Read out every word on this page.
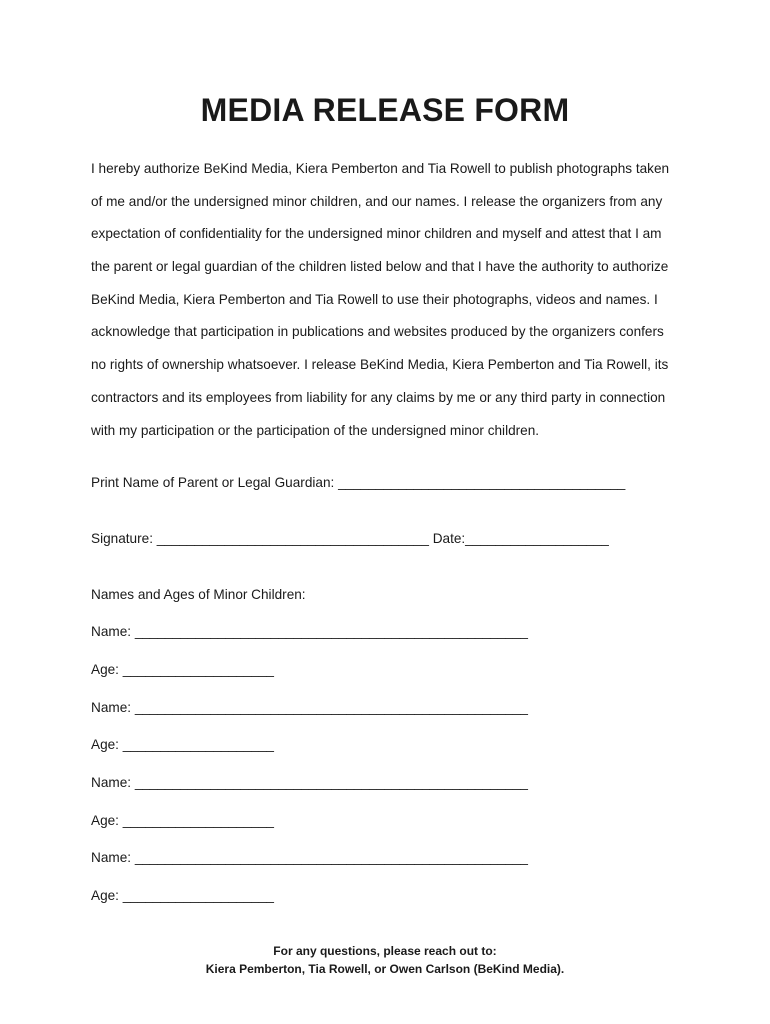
MEDIA RELEASE FORM
I hereby authorize BeKind Media, Kiera Pemberton and Tia Rowell to publish photographs taken
of me and/or the undersigned minor children, and our names. I release the organizers from any
expectation of confidentiality for the undersigned minor children and myself and attest that I am
the parent or legal guardian of the children listed below and that I have the authority to authorize
BeKind Media, Kiera Pemberton and Tia Rowell to use their photographs, videos and names. I
acknowledge that participation in publications and websites produced by the organizers confers
no rights of ownership whatsoever. I release BeKind Media, Kiera Pemberton and Tia Rowell, its
contractors and its employees from liability for any claims by me or any third party in connection
with my participation or the participation of the undersigned minor children.
Print Name of Parent or Legal Guardian: ______________________________________
Signature: ____________________________________ Date:___________________
Names and Ages of Minor Children:
Name: ____________________________________________________
Age: ____________________
Name: ____________________________________________________
Age: ____________________
Name: ____________________________________________________
Age: ____________________
Name: ____________________________________________________
Age: ____________________
For any questions, please reach out to:
Kiera Pemberton, Tia Rowell, or Owen Carlson (BeKind Media).
